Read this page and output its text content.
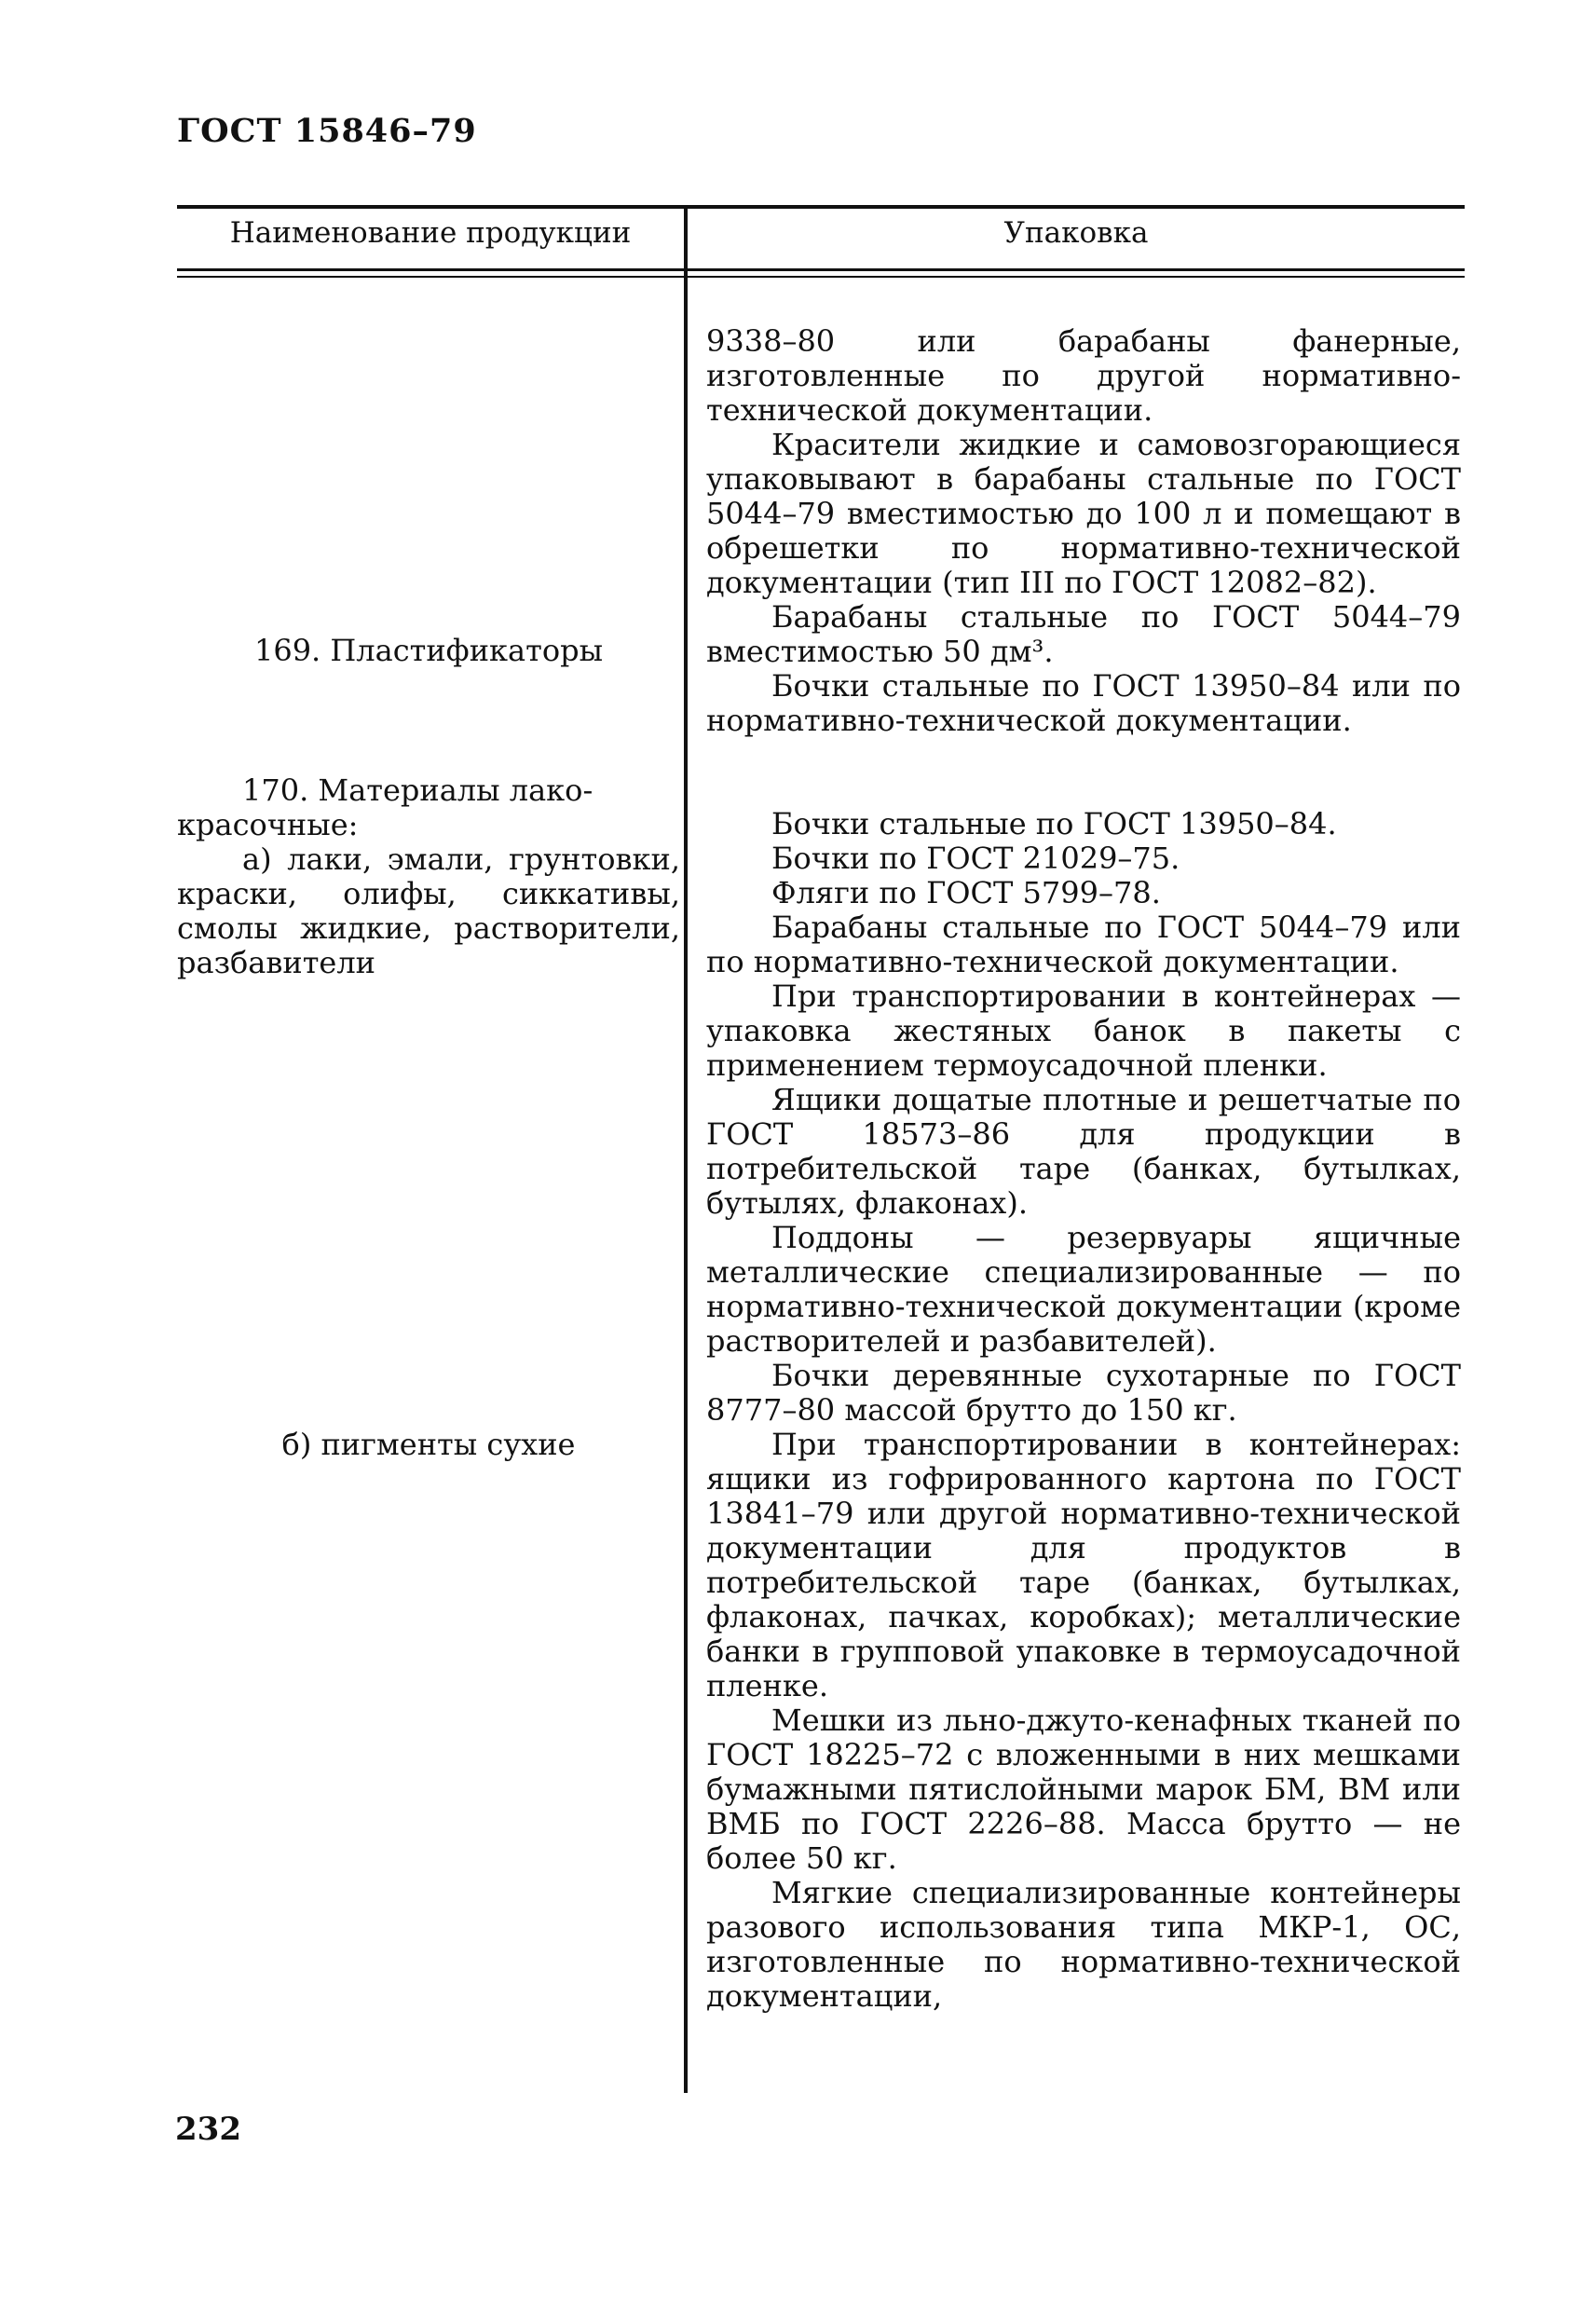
ГОСТ 15846–79
Наименование продукции	Упаковка
169. Пластификаторы
170. Материалы лако-красочные:
а) лаки, эмали, грунтовки, краски, олифы, сиккативы, смолы жидкие, растворители, разбавители
б) пигменты сухие

9338–80 или барабаны фанерные, изготовленные по другой нормативно-технической документации.

Красители жидкие и самовозгорающиеся упаковывают в барабаны стальные по ГОСТ 5044–79 вместимостью до 100 л и помещают в обрешетки по нормативно-технической документации (тип III по ГОСТ 12082–82).

Барабаны стальные по ГОСТ 5044–79 вместимостью 50 дм³.

Бочки стальные по ГОСТ 13950–84 или по нормативно-технической документации.

Бочки стальные по ГОСТ 13950–84.

Бочки по ГОСТ 21029–75.

Фляги по ГОСТ 5799–78.

Барабаны стальные по ГОСТ 5044–79 или по нормативно-технической документации.

При транспортировании в контейнерах — упаковка жестяных банок в пакеты с применением термоусадочной пленки.

Ящики дощатые плотные и решетчатые по ГОСТ 18573–86 для продукции в потребительской таре (банках, бутылках, бутылях, флаконах).

Поддоны — резервуары ящичные металлические специализированные — по нормативно-технической документации (кроме растворителей и разбавителей).

Бочки деревянные сухотарные по ГОСТ 8777–80 массой брутто до 150 кг.

При транспортировании в контейнерах: ящики из гофрированного картона по ГОСТ 13841–79 или другой нормативно-технической документации для продуктов в потребительской таре (банках, бутылках, флаконах, пачках, коробках); металлические банки в групповой упаковке в термоусадочной пленке.

Мешки из льно-джуто-кенафных тканей по ГОСТ 18225–72 с вложенными в них мешками бумажными пятислойными марок БМ, ВМ или ВМБ по ГОСТ 2226–88. Масса брутто — не более 50 кг.

Мягкие специализированные контейнеры разового использования типа МКР-1, ОС, изготовленные по нормативно-технической документации,

232
